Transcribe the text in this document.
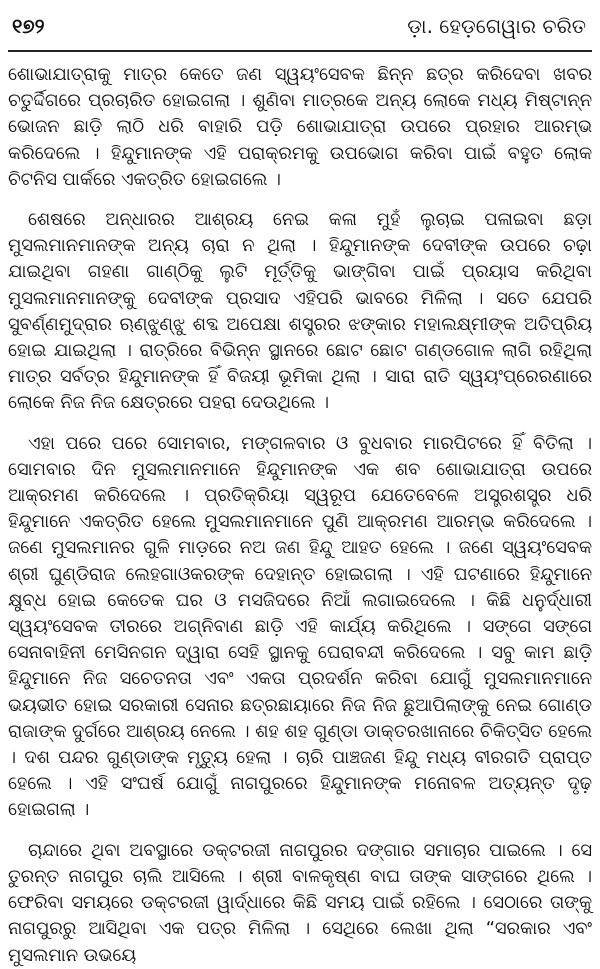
୧୭୨	ଡ଼ା. ହେଡ଼ଗେୱାର ଚରିତ

ଶୋଭାଯାତ୍ରାକୁ ମାତ୍ର କେତେ ଜଣ ସ୍ୱୟଂସେବକ ଛିନ୍ନ ଛତ୍ର କରିଦେବା ଖବର ଚତୁର୍ଦ୍ଦିଗରେ ପ୍ରଚାରିତ ହୋଇଗଲା । ଶୁଣିବା ମାତ୍ରକେ ଅନ୍ୟ ଲୋକେ ମଧ୍ୟ ମିଷ୍ଟାନ୍ନ ଭୋଜନ ଛାଡ଼ି ଲାଠି ଧରି ବାହାରି ପଡ଼ି ଶୋଭାଯାତ୍ରା ଉପରେ ପ୍ରହାର ଆରମ୍ଭ କରିଦେଲେ । ହିନ୍ଦୁମାନଙ୍କ ଏହି ପରାକ୍ରମକୁ ଉପଭୋଗ କରିବା ପାଇଁ ବହୁତ ଲୋକ ଚିଟନିସ ପାର୍କରେ ଏକତ୍ରିତ ହୋଇଗଲେ ।

ଶେଷରେ ଅନ୍ଧାରର ଆଶ୍ରୟ ନେଇ କଳା ମୁହଁ ଲୁଚାଇ ପଳାଇବା ଛଡ଼ା ମୁସଲମାନମାନଙ୍କ ଅନ୍ୟ ଚାରା ନ ଥିଲା । ହିନ୍ଦୁମାନଙ୍କ ଦେବୀଙ୍କ ଉପରେ ଚଢ଼ା ଯାଇଥିବା ଗହଣା ଗାଣ୍ଠିକୁ ଲୁଟି ମୂର୍ତ୍ତିକୁ ଭାଙ୍ଗିବା ପାଇଁ ପ୍ରୟାସ କରିଥିବା ମୁସଲମାନମାନଙ୍କୁ ଦେବୀଙ୍କ ପ୍ରସାଦ ଏହିପରି ଭାବରେ ମିଳିଲା । ସତେ ଯେପରି ସୁବର୍ଣ୍ଣମୁଦ୍ରାର ଋଣ୍ଝୁଣ୍ଝୁ ଶବ୍ଦ ଅପେକ୍ଷା ଶସ୍ତ୍ରର ଝଙ୍କାର ମହାଲକ୍ଷ୍ମୀଙ୍କ ଅତିପ୍ରିୟ ହୋଇ ଯାଇଥିଲା । ରାତ୍ରିରେ ବିଭିନ୍ନ ସ୍ଥାନରେ ଛୋଟ ଛୋଟ ଗଣ୍ଡଗୋଳ ଲାଗି ରହିଥିଲା ମାତ୍ର ସର୍ବତ୍ର ହିନ୍ଦୁମାନଙ୍କ ହିଁ ବିଜୟୀ ଭୂମିକା ଥିଲା । ସାରା ରାତି ସ୍ୱୟଂପ୍ରେରଣାରେ ଲୋକେ ନିଜ ନିଜ କ୍ଷେତ୍ରରେ ପହରା ଦେଉଥିଲେ ।

ଏହା ପରେ ପରେ ସୋମବାର, ମଙ୍ଗଳବାର ଓ ବୁଧବାର ମାରପିଟରେ ହିଁ ବିତିଲା । ସୋମବାର ଦିନ ମୁସଲମାନମାନେ ହିନ୍ଦୁମାନଙ୍କ ଏକ ଶବ ଶୋଭାଯାତ୍ରା ଉପରେ ଆକ୍ରମଣ କରିଦେଲେ । ପ୍ରତିକ୍ରିୟା ସ୍ୱରୂପ ଯେତେବେଳେ ଅସ୍ତ୍ରଶସ୍ତ୍ର ଧରି ହିନ୍ଦୁମାନେ ଏକତ୍ରିତ ହେଲେ ମୁସଲମାନମାନେ ପୁଣି ଆକ୍ରମଣ ଆରମ୍ଭ କରିଦେଲେ । ଜଣେ ମୁସଲମାନର ଗୁଳି ମାଡ଼ରେ ନଅ ଜଣ ହିନ୍ଦୁ ଆହତ ହେଲେ । ଜଣେ ସ୍ୱୟଂସେବକ ଶ୍ରୀ ଘୁଣ୍ଡିରାଜ ଲେହଗାଓକରଙ୍କ ଦେହାନ୍ତ ହୋଇଗଲା । ଏହି ଘଟଣାରେ ହିନ୍ଦୁମାନେ କ୍ଷୁବ୍ଧ ହୋଇ କେତେକ ଘର ଓ ମସଜିଦରେ ନିଆଁ ଲଗାଇଦେଲେ । କିଛି ଧନୁର୍ଦ୍ଧାରୀ ସ୍ୱୟଂସେବକ ତୀରରେ ଅଗ୍ନିବାଣ ଛାଡ଼ି ଏହି କାର୍ଯ୍ୟ କରିଥିଲେ । ସଙ୍ଗେ ସଙ୍ଗେ ସେନାବାହିନୀ ମେସିନଗନ ଦ୍ୱାରା ସେହି ସ୍ଥାନକୁ ଘେରାବନ୍ଦୀ କରିଦେଲେ । ସବୁ କାମ ଛାଡ଼ି ହିନ୍ଦୁମାନେ ନିଜ ସଚେତନତା ଏବଂ ଏକତା ପ୍ରଦର୍ଶନ କରିବା ଯୋଗୁଁ ମୁସଲମାନମାନେ ଭୟଭୀତ ହୋଇ ସରକାରୀ ସେନାର ଛତ୍ରଛାୟାରେ ନିଜ ନିଜ ଛୁଆପିଲାଙ୍କୁ ନେଇ ଗୋଣ୍ଡ ରାଜାଙ୍କ ଦୁର୍ଗରେ ଆଶ୍ରୟ ନେଲେ । ଶହ ଶହ ଗୁଣ୍ଡା ଡାକ୍ତରଖାନାରେ ଚିକିତ୍ସିତ ହେଲେ । ଦଶ ପନ୍ଦର ଗୁଣ୍ଡାଙ୍କ ମୃତ୍ୟୁ ହେଲା । ଚାରି ପାଞ୍ଚଜଣ ହିନ୍ଦୁ ମଧ୍ୟ ବୀରଗତି ପ୍ରାପ୍ତ ହେଲେ । ଏହି ସଂଘର୍ଷ ଯୋଗୁଁ ନାଗପୁରରେ ହିନ୍ଦୁମାନଙ୍କ ମନୋବଳ ଅତ୍ୟନ୍ତ ଦୃଢ଼ ହୋଇଗଲା ।

ଚାନ୍ଦାରେ ଥିବା ଅବସ୍ଥାରେ ଡକ୍ଟରଜୀ ନାଗପୁରର ଦଙ୍ଗାର ସମାଚାର ପାଇଲେ । ସେ ତୁରନ୍ତ ନାଗପୁର ଚାଲି ଆସିଲେ । ଶ୍ରୀ ବାଳକୃଷ୍ଣ ବାଘ ତାଙ୍କ ସାଙ୍ଗରେ ଥିଲେ । ଫେରିବା ସମୟରେ ଡକ୍ଟରଜୀ ୱାର୍ଦ୍ଧାରେ କିଛି ସମୟ ପାଇଁ ରହିଲେ । ସେଠାରେ ତାଙ୍କୁ ନାଗପୁରରୁ ଆସିଥିବା ଏକ ପତ୍ର ମିଳିଲା । ସେଥିରେ ଲେଖା ଥିଲା “ସରକାର ଏବଂ ମୁସଲମାନ ଉଭୟେ
